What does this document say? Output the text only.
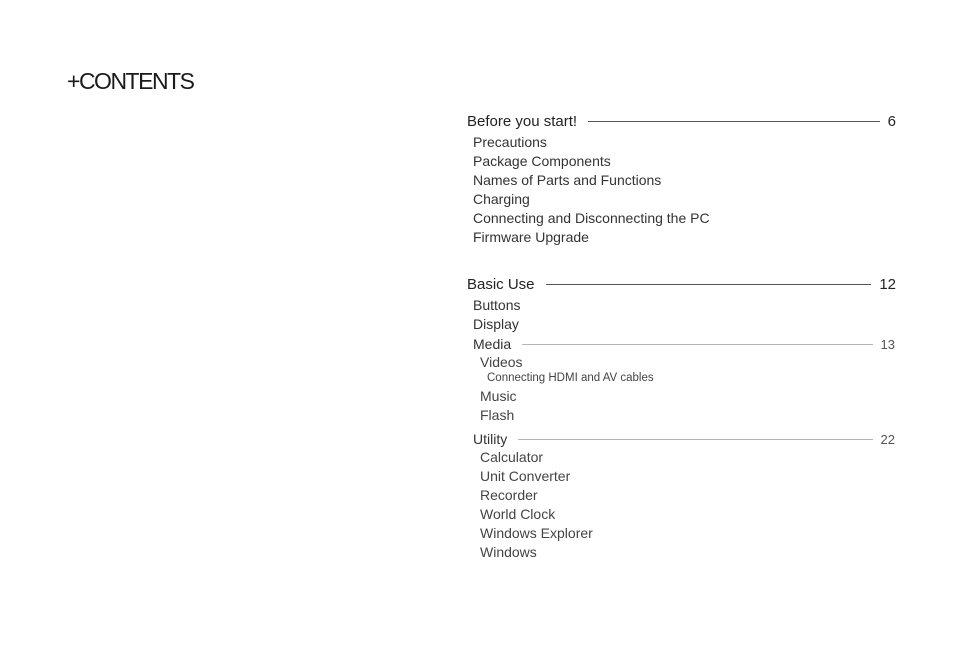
+CONTENTS
Before you start!	6
Precautions
Package Components
Names of Parts and Functions
Charging
Connecting and Disconnecting the PC
Firmware Upgrade
Basic Use	12
Buttons
Display
Media	13
Videos
Connecting HDMI and AV cables
Music
Flash
Utility	22
Calculator
Unit Converter
Recorder
World Clock
Windows Explorer
Windows
